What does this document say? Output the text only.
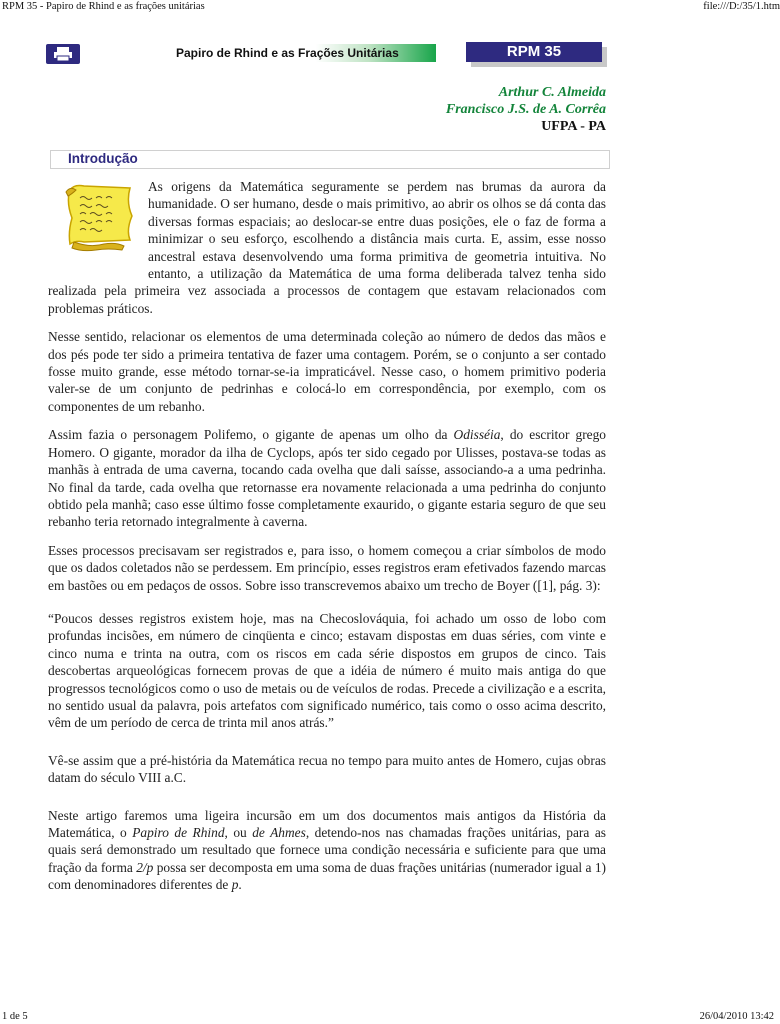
RPM 35 - Papiro de Rhind e as frações unitárias	file:///D:/35/1.htm
Papiro de Rhind e as Frações Unitárias	RPM 35
Arthur C. Almeida
Francisco J.S. de A. Corrêa
UFPA - PA
Introdução

As origens da Matemática seguramente se perdem nas brumas da aurora da humanidade. O ser humano, desde o mais primitivo, ao abrir os olhos se dá conta das diversas formas espaciais; ao deslocar-se entre duas posições, ele o faz de forma a minimizar o seu esforço, escolhendo a distância mais curta. E, assim, esse nosso ancestral estava desenvolvendo uma forma primitiva de geometria intuitiva. No entanto, a utilização da Matemática de uma forma deliberada talvez tenha sido realizada pela primeira vez associada a processos de contagem que estavam relacionados com problemas práticos.

Nesse sentido, relacionar os elementos de uma determinada coleção ao número de dedos das mãos e dos pés pode ter sido a primeira tentativa de fazer uma contagem. Porém, se o conjunto a ser contado fosse muito grande, esse método tornar-se-ia impraticável. Nesse caso, o homem primitivo poderia valer-se de um conjunto de pedrinhas e colocá-lo em correspondência, por exemplo, com os componentes de um rebanho.

Assim fazia o personagem Polifemo, o gigante de apenas um olho da Odisséia, do escritor grego Homero. O gigante, morador da ilha de Cyclops, após ter sido cegado por Ulisses, postava-se todas as manhãs à entrada de uma caverna, tocando cada ovelha que dali saísse, associando-a a uma pedrinha. No final da tarde, cada ovelha que retornasse era novamente relacionada a uma pedrinha do conjunto obtido pela manhã; caso esse último fosse completamente exaurido, o gigante estaria seguro de que seu rebanho teria retornado integralmente à caverna.

Esses processos precisavam ser registrados e, para isso, o homem começou a criar símbolos de modo que os dados coletados não se perdessem. Em princípio, esses registros eram efetivados fazendo marcas em bastões ou em pedaços de ossos. Sobre isso transcrevemos abaixo um trecho de Boyer ([1], pág. 3):

“Poucos desses registros existem hoje, mas na Checoslováquia, foi achado um osso de lobo com profundas incisões, em número de cinqüenta e cinco; estavam dispostas em duas séries, com vinte e cinco numa e trinta na outra, com os riscos em cada série dispostos em grupos de cinco. Tais descobertas arqueológicas fornecem provas de que a idéia de número é muito mais antiga do que progressos tecnológicos como o uso de metais ou de veículos de rodas. Precede a civilização e a escrita, no sentido usual da palavra, pois artefatos com significado numérico, tais como o osso acima descrito, vêm de um período de cerca de trinta mil anos atrás.”

Vê-se assim que a pré-história da Matemática recua no tempo para muito antes de Homero, cujas obras datam do século VIII a.C.

Neste artigo faremos uma ligeira incursão em um dos documentos mais antigos da História da Matemática, o Papiro de Rhind, ou de Ahmes, detendo-nos nas chamadas frações unitárias, para as quais será demonstrado um resultado que fornece uma condição necessária e suficiente para que uma fração da forma 2/p possa ser decomposta em uma soma de duas frações unitárias (numerador igual a 1) com denominadores diferentes de p.

1 de 5	26/04/2010 13:42
